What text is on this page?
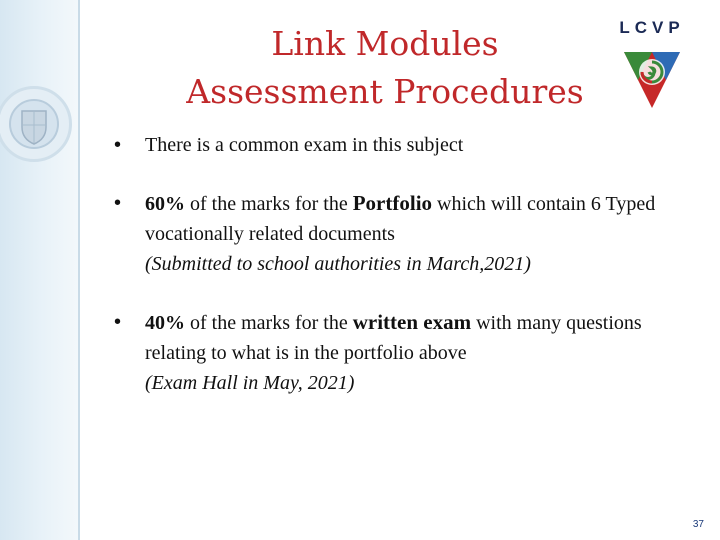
Link Modules
Assessment Procedures
LCVP
• There is a common exam in this subject
• 60% of the marks for the Portfolio which will contain 6 Typed vocationally related documents
(Submitted to school authorities in March,2021)
• 40% of the marks for the written exam with many questions relating to what is in the portfolio above
(Exam Hall in May, 2021)
37
